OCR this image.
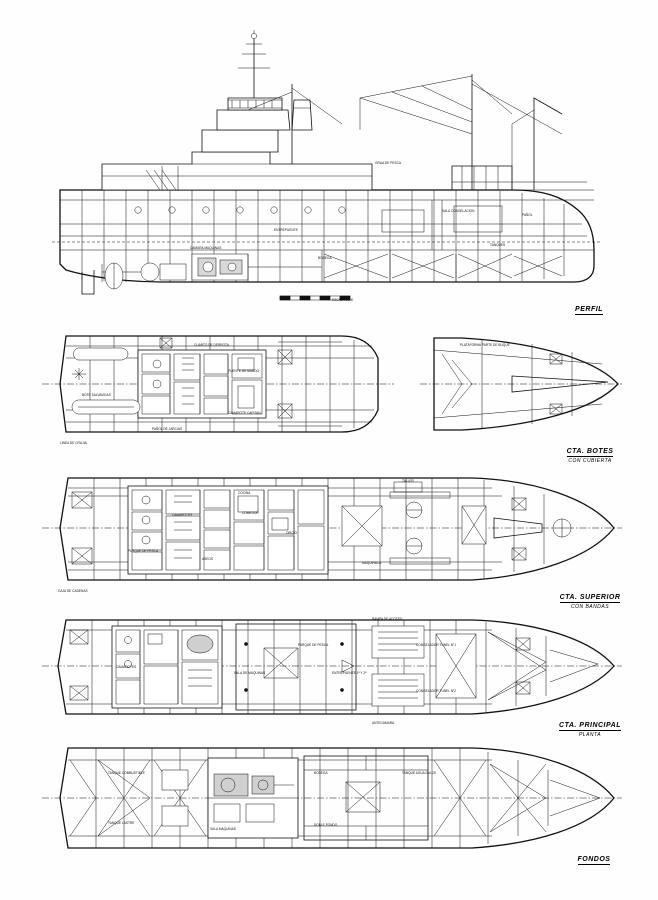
GRUA DE PESCA
SALA CONGELACION
ENTREPUENTE
BODEGA
PAÑOL
TANQUES
CAMARA MAQUINAS
ESCALA 1:100
PERFIL
BOTE SALVAVIDAS
CUARTO DE DERROTA
PUENTE DE MANDO
CAMAROTE CAPITAN
PAÑOL DE JARCIAS
PLATAFORMA PARTE DE BUQUE
LINEA DE CRUJIA
CTA. BOTES
CON CUBIERTA
PARQUE DE PESCA
COCINA
COMEDOR
CAMAROTES
ASEOS
OFICIO
MAQUINILLA
TALLER
CAJA DE CADENAS
CTA. SUPERIOR
CON BANDAS
CONGELADOR TUNEL N°1
CONGELADOR TUNEL N°2
PARQUE DE PESCA
SALA DE MAQUINAS	ENTREPUENTE 1ª Y 2ª
CAMAROTES
RAMPA DE ACCESO
ANTECAMARA	CTA. PRINCIPAL
PLANTA
TANQUE COMBUSTIBLE
TANQUE LASTRE
SALA MAQUINAS
BODEGA
DOBLE FONDO
TANQUE AGUA DULCE
FONDOS
